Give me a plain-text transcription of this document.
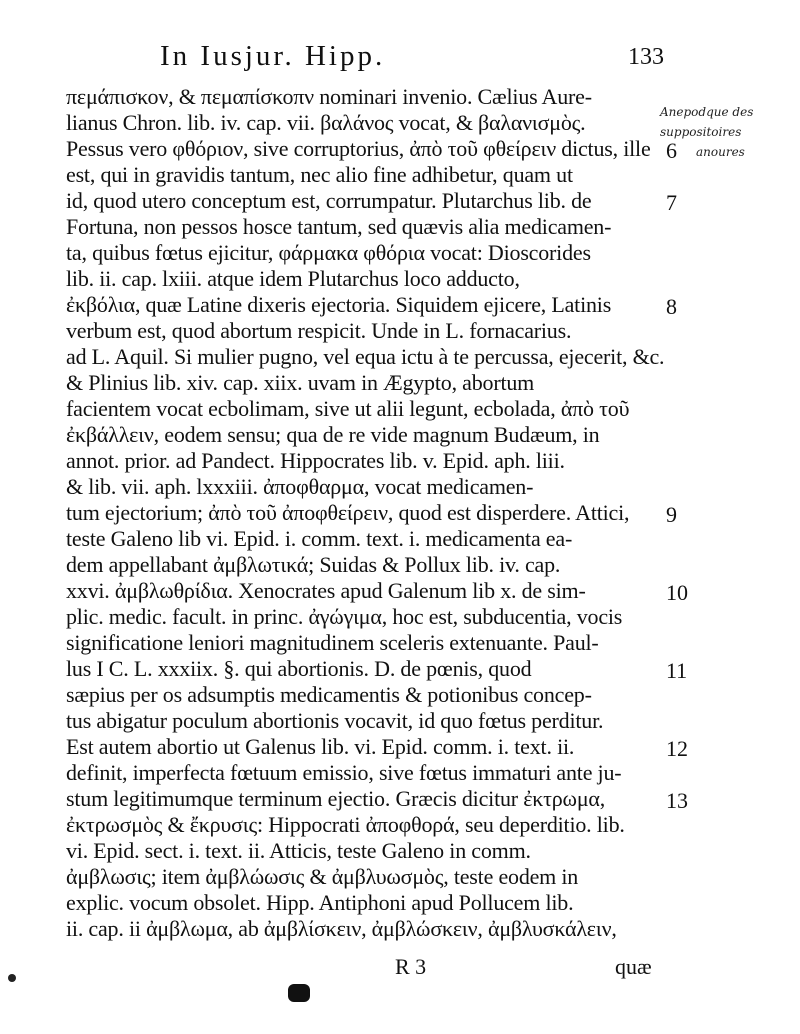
In Iusjur. Hipp.	133
πεμάπισκον, & πεμαπίσκοπν nominari invenio. Cælius Aure-
lianus Chron. lib. iv. cap. vii. βαλάνος vocat, & βαλανισμὸς.
Pessus vero φθόριον, sive corruptorius, ἀπὸ τοῦ φθείρειν dictus, ille
est, qui in gravidis tantum, nec alio fine adhibetur, quam ut
id, quod utero conceptum est, corrumpatur. Plutarchus lib. de
Fortuna, non pessos hosce tantum, sed quævis alia medicamen-
ta, quibus fœtus ejicitur, φάρμακα φθόρια vocat: Dioscorides
lib. ii. cap. lxiii. atque idem Plutarchus loco adducto,
ἐκβόλια, quæ Latine dixeris ejectoria. Siquidem ejicere, Latinis
verbum est, quod abortum respicit. Unde in L. fornacarius.
ad L. Aquil. Si mulier pugno, vel equa ictu à te percussa, ejecerit, &c.
& Plinius lib. xiv. cap. xiix. uvam in Ægypto, abortum
facientem vocat ecbolimam, sive ut alii legunt, ecbolada, ἀπὸ τοῦ
ἐκβάλλειν, eodem sensu; qua de re vide magnum Budæum, in
annot. prior. ad Pandect. Hippocrates lib. v. Epid. aph. liii.
& lib. vii. aph. lxxxiii. ἀποφθαρμα, vocat medicamen-
tum ejectorium; ἀπὸ τοῦ ἀποφθείρειν, quod est disperdere. Attici,
teste Galeno lib vi. Epid. i. comm. text. i. medicamenta ea-
dem appellabant ἀμβλωτικά; Suidas & Pollux lib. iv. cap.
xxvi. ἀμβλωθρίδια. Xenocrates apud Galenum lib x. de sim-
plic. medic. facult. in princ. ἀγώγιμα, hoc est, subducentia, vocis
significatione leniori magnitudinem sceleris extenuante. Paul-
lus I C. L. xxxiix. §. qui abortionis. D. de pœnis, quod
sæpius per os adsumptis medicamentis & potionibus concep-
tus abigatur poculum abortionis vocavit, id quo fœtus perditur.
Est autem abortio ut Galenus lib. vi. Epid. comm. i. text. ii.
definit, imperfecta fœtuum emissio, sive fœtus immaturi ante ju-
stum legitimumque terminum ejectio. Græcis dicitur ἐκτρωμα,
ἐκτρωσμὸς & ἔκρυσις: Hippocrati ἀποφθορά, seu deperditio. lib.
vi. Epid. sect. i. text. ii. Atticis, teste Galeno in comm.
ἀμβλωσις; item ἀμβλώωσις & ἀμβλυωσμὸς, teste eodem in
explic. vocum obsolet. Hipp. Antiphoni apud Pollucem lib.
ii. cap. ii ἀμβλωμα, ab ἀμβλίσκειν, ἀμβλώσκειν, ἀμβλυσκάλειν,
6
7
8
9
10
11
12
13
Anepodque des
suppositoires
anoures
R 3	quæ
